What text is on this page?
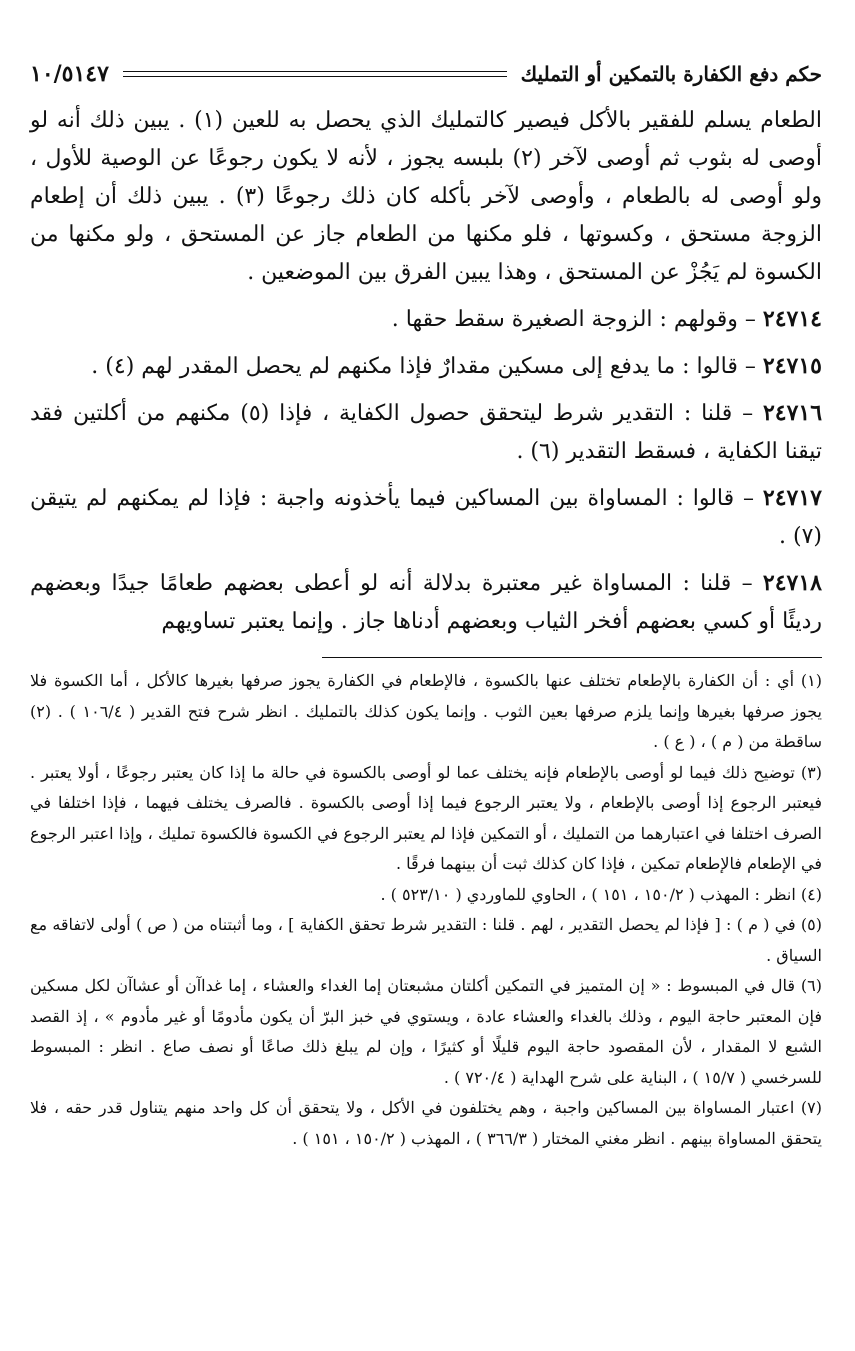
حكم دفع الكفارة بالتمكين أو التمليك
١٠/٥١٤٧

الطعام يسلم للفقير بالأكل فيصير كالتمليك الذي يحصل به للعين (١) . يبين ذلك أنه لو أوصى له بثوب ثم أوصى لآخر (٢) بلبسه يجوز ، لأنه لا يكون رجوعًا عن الوصية للأول ، ولو أوصى له بالطعام ، وأوصى لآخر بأكله كان ذلك رجوعًا (٣) . يبين ذلك أن إطعام الزوجة مستحق ، وكسوتها ، فلو مكنها من الطعام جاز عن المستحق ، ولو مكنها من الكسوة لم يَجُزْ عن المستحق ، وهذا يبين الفرق بين الموضعين .

٢٤٧١٤ – وقولهم : الزوجة الصغيرة سقط حقها .

٢٤٧١٥ – قالوا : ما يدفع إلى مسكين مقدارٌ فإذا مكنهم لم يحصل المقدر لهم (٤) .

٢٤٧١٦ – قلنا : التقدير شرط ليتحقق حصول الكفاية ، فإذا (٥) مكنهم من أكلتين فقد تيقنا الكفاية ، فسقط التقدير (٦) .

٢٤٧١٧ – قالوا : المساواة بين المساكين فيما يأخذونه واجبة : فإذا لم يمكنهم لم يتيقن (٧) .

٢٤٧١٨ – قلنا : المساواة غير معتبرة بدلالة أنه لو أعطى بعضهم طعامًا جيدًا وبعضهم رديئًا أو كسي بعضهم أفخر الثياب وبعضهم أدناها جاز . وإنما يعتبر تساويهم

(١) أي : أن الكفارة بالإطعام تختلف عنها بالكسوة ، فالإطعام في الكفارة يجوز صرفها بغيرها كالأكل ، أما الكسوة فلا يجوز صرفها بغيرها وإنما يلزم صرفها بعين الثوب . وإنما يكون كذلك بالتمليك . انظر شرح فتح القدير ( ١٠٦/٤ ) . (٢) ساقطة من ( م ) ، ( ع ) .

(٣) توضيح ذلك فيما لو أوصى بالإطعام فإنه يختلف عما لو أوصى بالكسوة في حالة ما إذا كان يعتبر رجوعًا ، أولا يعتبر . فيعتبر الرجوع إذا أوصى بالإطعام ، ولا يعتبر الرجوع فيما إذا أوصى بالكسوة . فالصرف يختلف فيهما ، فإذا اختلفا في الصرف اختلفا في اعتبارهما من التمليك ، أو التمكين فإذا لم يعتبر الرجوع في الكسوة فالكسوة تمليك ، وإذا اعتبر الرجوع في الإطعام فالإطعام تمكين ، فإذا كان كذلك ثبت أن بينهما فرقًا .

(٤) انظر : المهذب ( ١٥٠/٢ ، ١٥١ ) ، الحاوي للماوردي ( ٥٢٣/١٠ ) .

(٥) في ( م ) : [ فإذا لم يحصل التقدير ، لهم . قلنا : التقدير شرط تحقق الكفاية ] ، وما أثبتناه من ( ص ) أولى لاتفاقه مع السياق .

(٦) قال في المبسوط : « إن المتميز في التمكين أكلتان مشبعتان إما الغداء والعشاء ، إما غداآن أو عشاآن لكل مسكين فإن المعتبر حاجة اليوم ، وذلك بالغداء والعشاء عادة ، ويستوي في خبز البرّ أن يكون مأدومًا أو غير مأدوم » ، إذ القصد الشبع لا المقدار ، لأن المقصود حاجة اليوم قليلًا أو كثيرًا ، وإن لم يبلغ ذلك صاعًا أو نصف صاع . انظر : المبسوط للسرخسي ( ١٥/٧ ) ، البناية على شرح الهداية ( ٧٢٠/٤ ) .

(٧) اعتبار المساواة بين المساكين واجبة ، وهم يختلفون في الأكل ، ولا يتحقق أن كل واحد منهم يتناول قدر حقه ، فلا يتحقق المساواة بينهم . انظر مغني المختار ( ٣٦٦/٣ ) ، المهذب ( ١٥٠/٢ ، ١٥١ ) .
